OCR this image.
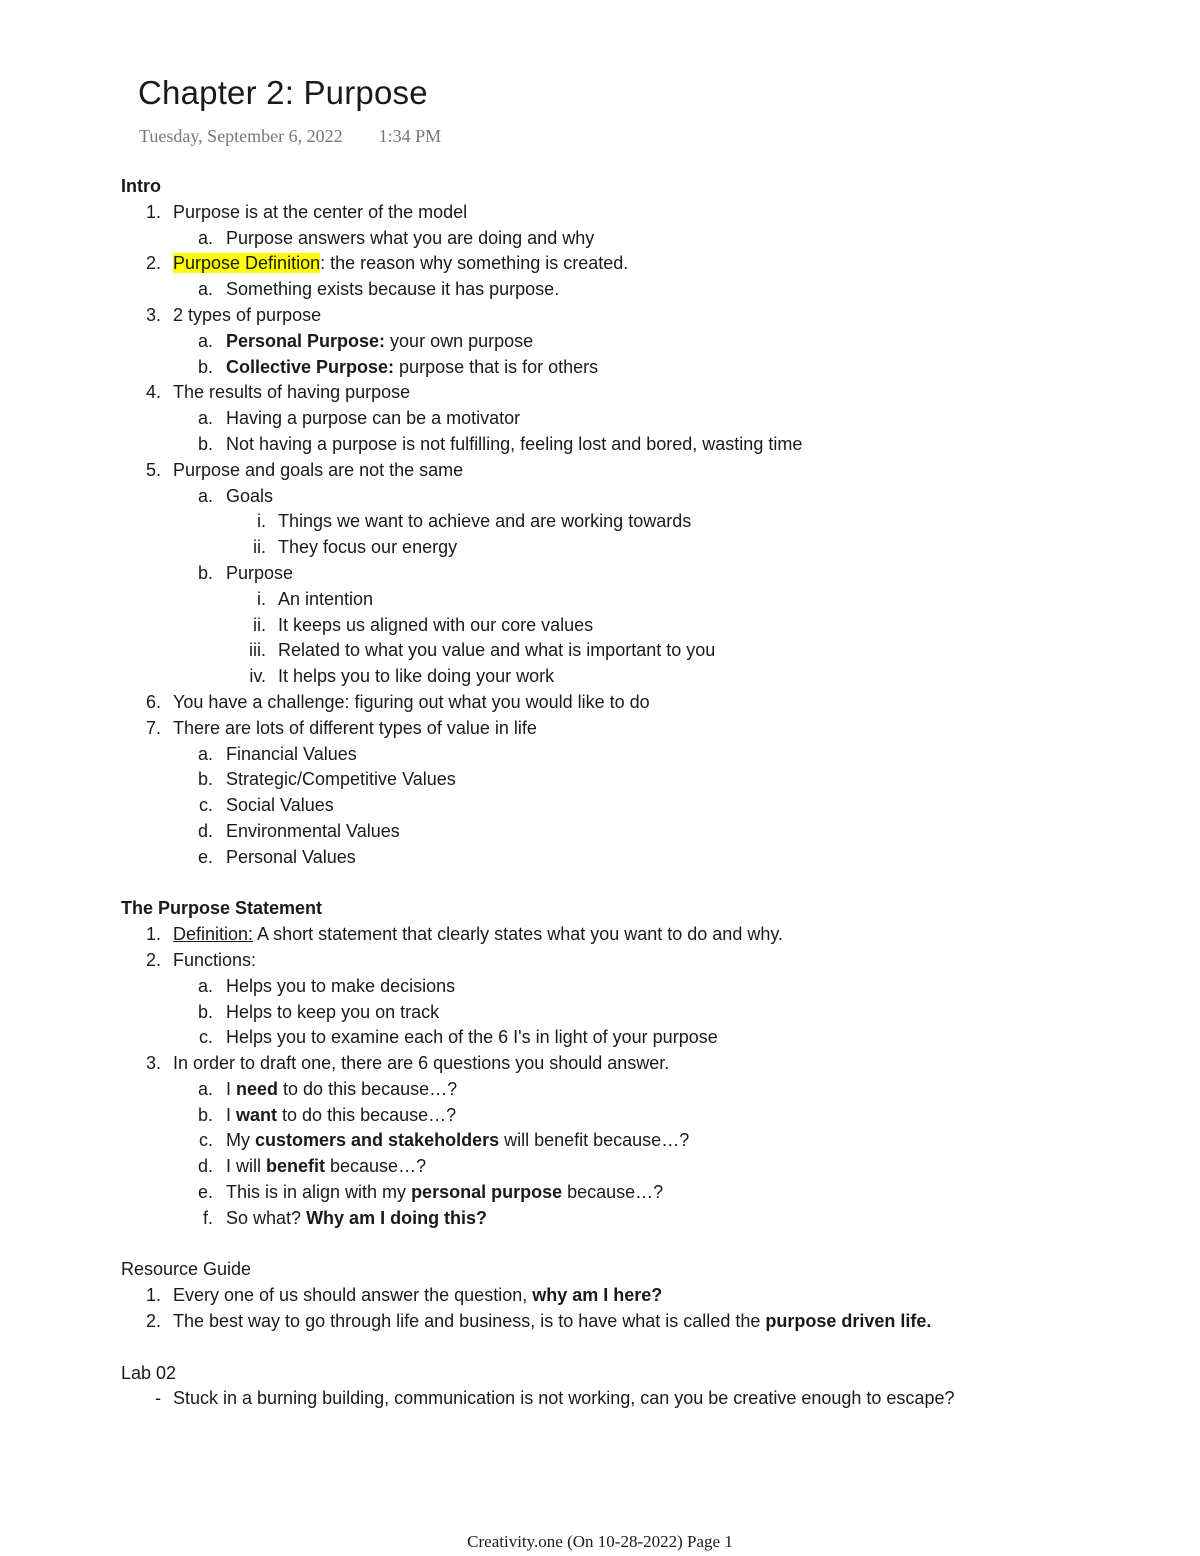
Chapter 2: Purpose
Tuesday, September 6, 2022 1:34 PM
Intro
1. Purpose is at the center of the model
a. Purpose answers what you are doing and why
2. Purpose Definition: the reason why something is created.
a. Something exists because it has purpose.
3. 2 types of purpose
a. Personal Purpose: your own purpose
b. Collective Purpose: purpose that is for others
4. The results of having purpose
a. Having a purpose can be a motivator
b. Not having a purpose is not fulfilling, feeling lost and bored, wasting time
5. Purpose and goals are not the same
a. Goals
i. Things we want to achieve and are working towards
ii. They focus our energy
b. Purpose
i. An intention
ii. It keeps us aligned with our core values
iii. Related to what you value and what is important to you
iv. It helps you to like doing your work
6. You have a challenge: figuring out what you would like to do
7. There are lots of different types of value in life
a. Financial Values
b. Strategic/Competitive Values
c. Social Values
d. Environmental Values
e. Personal Values
The Purpose Statement
1. Definition: A short statement that clearly states what you want to do and why.
2. Functions:
a. Helps you to make decisions
b. Helps to keep you on track
c. Helps you to examine each of the 6 I's in light of your purpose
3. In order to draft one, there are 6 questions you should answer.
a. I need to do this because…?
b. I want to do this because…?
c. My customers and stakeholders will benefit because…?
d. I will benefit because…?
e. This is in align with my personal purpose because…?
f. So what? Why am I doing this?
Resource Guide
1. Every one of us should answer the question, why am I here?
2. The best way to go through life and business, is to have what is called the purpose driven life.
Lab 02
- Stuck in a burning building, communication is not working, can you be creative enough to escape?
Creativity.one (On 10-28-2022) Page 1
